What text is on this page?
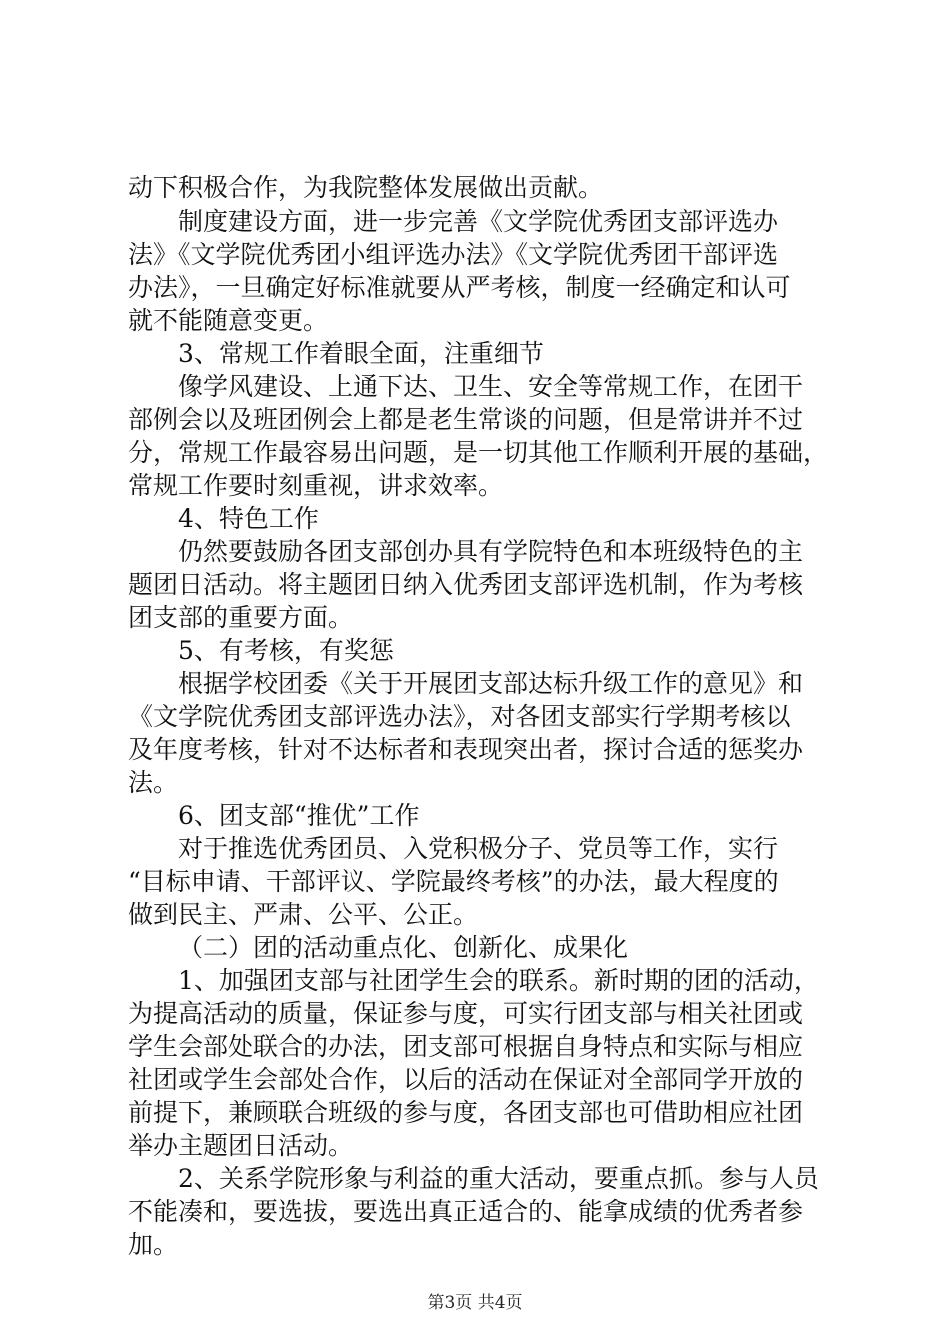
动下积极合作，为我院整体发展做出贡献。
制度建设方面，进一步完善《文学院优秀团支部评选办
法》《文学院优秀团小组评选办法》《文学院优秀团干部评选
办法》，一旦确定好标准就要从严考核，制度一经确定和认可
就不能随意变更。
3、常规工作着眼全面，注重细节
像学风建设、上通下达、卫生、安全等常规工作，在团干
部例会以及班团例会上都是老生常谈的问题，但是常讲并不过
分，常规工作最容易出问题，是一切其他工作顺利开展的基础，
常规工作要时刻重视，讲求效率。
4、特色工作
仍然要鼓励各团支部创办具有学院特色和本班级特色的主
题团日活动。将主题团日纳入优秀团支部评选机制，作为考核
团支部的重要方面。
5、有考核，有奖惩
根据学校团委《关于开展团支部达标升级工作的意见》和
《文学院优秀团支部评选办法》，对各团支部实行学期考核以
及年度考核，针对不达标者和表现突出者，探讨合适的惩奖办
法。
6、团支部“推优”工作
对于推选优秀团员、入党积极分子、党员等工作，实行
“目标申请、干部评议、学院最终考核”的办法，最大程度的
做到民主、严肃、公平、公正。
（二）团的活动重点化、创新化、成果化
1、加强团支部与社团学生会的联系。新时期的团的活动，
为提高活动的质量，保证参与度，可实行团支部与相关社团或
学生会部处联合的办法，团支部可根据自身特点和实际与相应
社团或学生会部处合作，以后的活动在保证对全部同学开放的
前提下，兼顾联合班级的参与度，各团支部也可借助相应社团
举办主题团日活动。
2、关系学院形象与利益的重大活动，要重点抓。参与人员
不能凑和，要选拔，要选出真正适合的、能拿成绩的优秀者参
加。
第3页 共4页
